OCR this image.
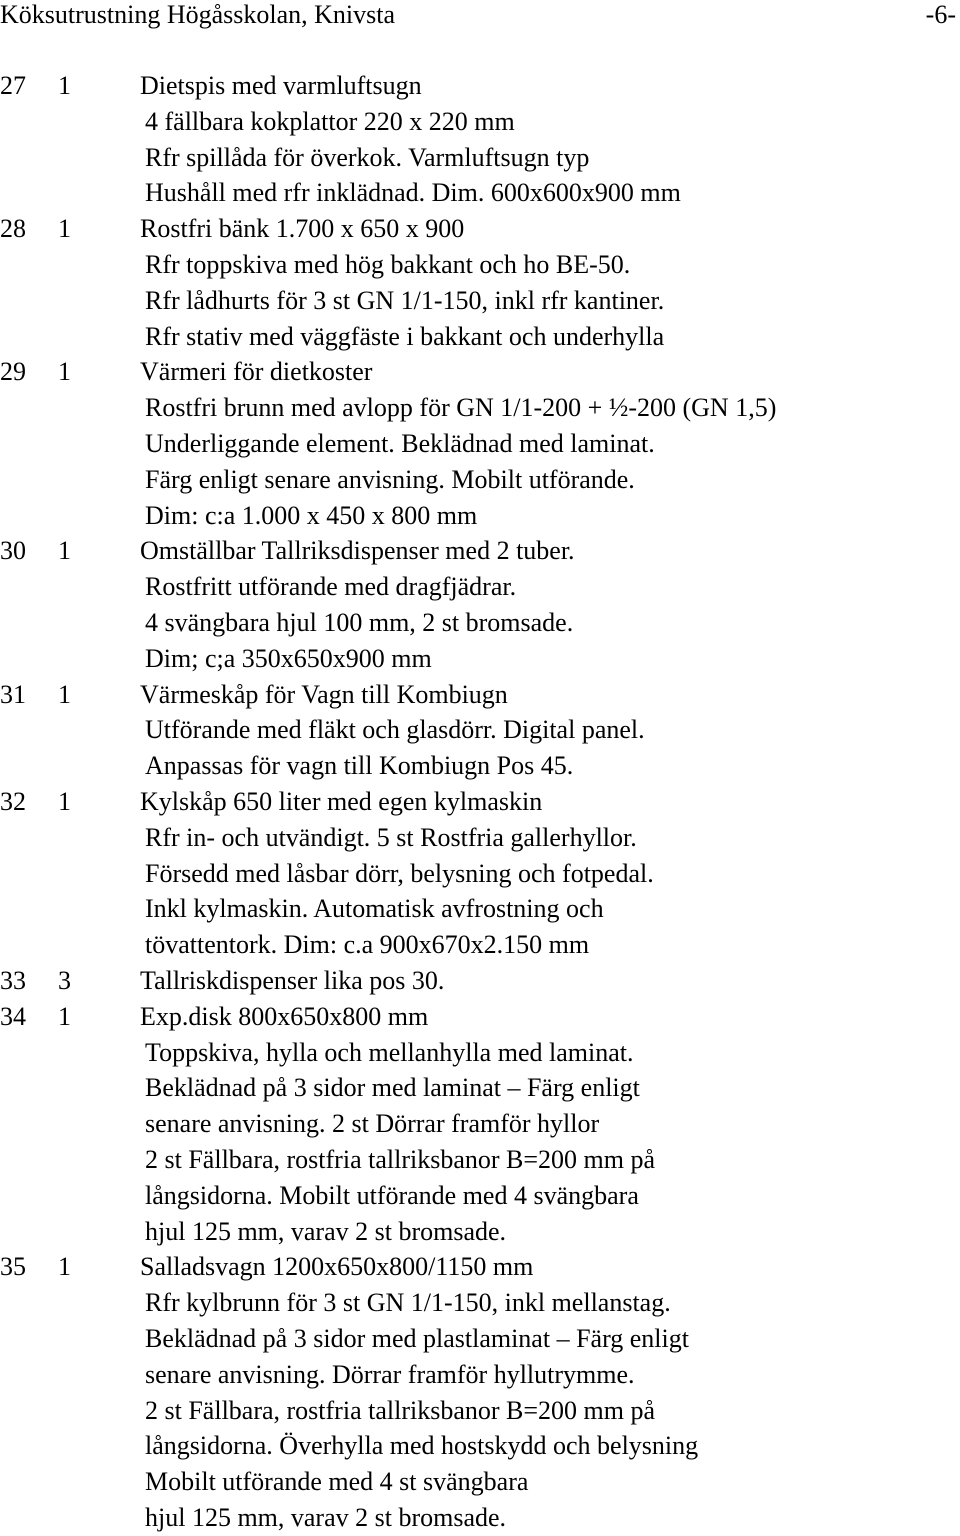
Köksutrustning Högåsskolan, Knivsta	-6-
27 1	Dietspis med varmluftsugn
4 fällbara kokplattor 220 x 220 mm
Rfr spillåda för överkok. Varmluftsugn typ
Hushåll med rfr inklädnad. Dim. 600x600x900 mm
28 1	Rostfri bänk 1.700 x 650 x 900
Rfr toppskiva med hög bakkant och ho BE-50.
Rfr lådhurts för 3 st GN 1/1-150, inkl rfr kantiner.
Rfr stativ med väggfäste i bakkant och underhylla
29 1	Värmeri för dietkoster
Rostfri brunn med avlopp för GN 1/1-200 + ½-200 (GN 1,5)
Underliggande element. Beklädnad med laminat.
Färg enligt senare anvisning. Mobilt utförande.
Dim: c:a 1.000 x 450 x 800 mm
30 1	Omställbar Tallriksdispenser med 2 tuber.
Rostfritt utförande med dragfjädrar.
4 svängbara hjul 100 mm, 2 st bromsade.
Dim; c;a 350x650x900 mm
31 1	Värmeskåp för Vagn till Kombiugn
Utförande med fläkt och glasdörr. Digital panel.
Anpassas för vagn till Kombiugn Pos 45.
32 1	Kylskåp 650 liter med egen kylmaskin
Rfr in- och utvändigt. 5 st Rostfria gallerhyllor.
Försedd med låsbar dörr, belysning och fotpedal.
Inkl kylmaskin. Automatisk avfrostning och
tövattentork. Dim: c.a 900x670x2.150 mm
33 3	Tallriskdispenser lika pos 30.
34 1	Exp.disk 800x650x800 mm
Toppskiva, hylla och mellanhylla med laminat.
Beklädnad på 3 sidor med laminat – Färg enligt
senare anvisning. 2 st Dörrar framför hyllor
2 st Fällbara, rostfria tallriksbanor B=200 mm på
långsidorna. Mobilt utförande med 4 svängbara
hjul 125 mm, varav 2 st bromsade.
35 1	Salladsvagn 1200x650x800/1150 mm
Rfr kylbrunn för 3 st GN 1/1-150, inkl mellanstag.
Beklädnad på 3 sidor med plastlaminat – Färg enligt
senare anvisning. Dörrar framför hyllutrymme.
2 st Fällbara, rostfria tallriksbanor B=200 mm på
långsidorna. Överhylla med hostskydd och belysning
Mobilt utförande med 4 st svängbara
hjul 125 mm, varav 2 st bromsade.
